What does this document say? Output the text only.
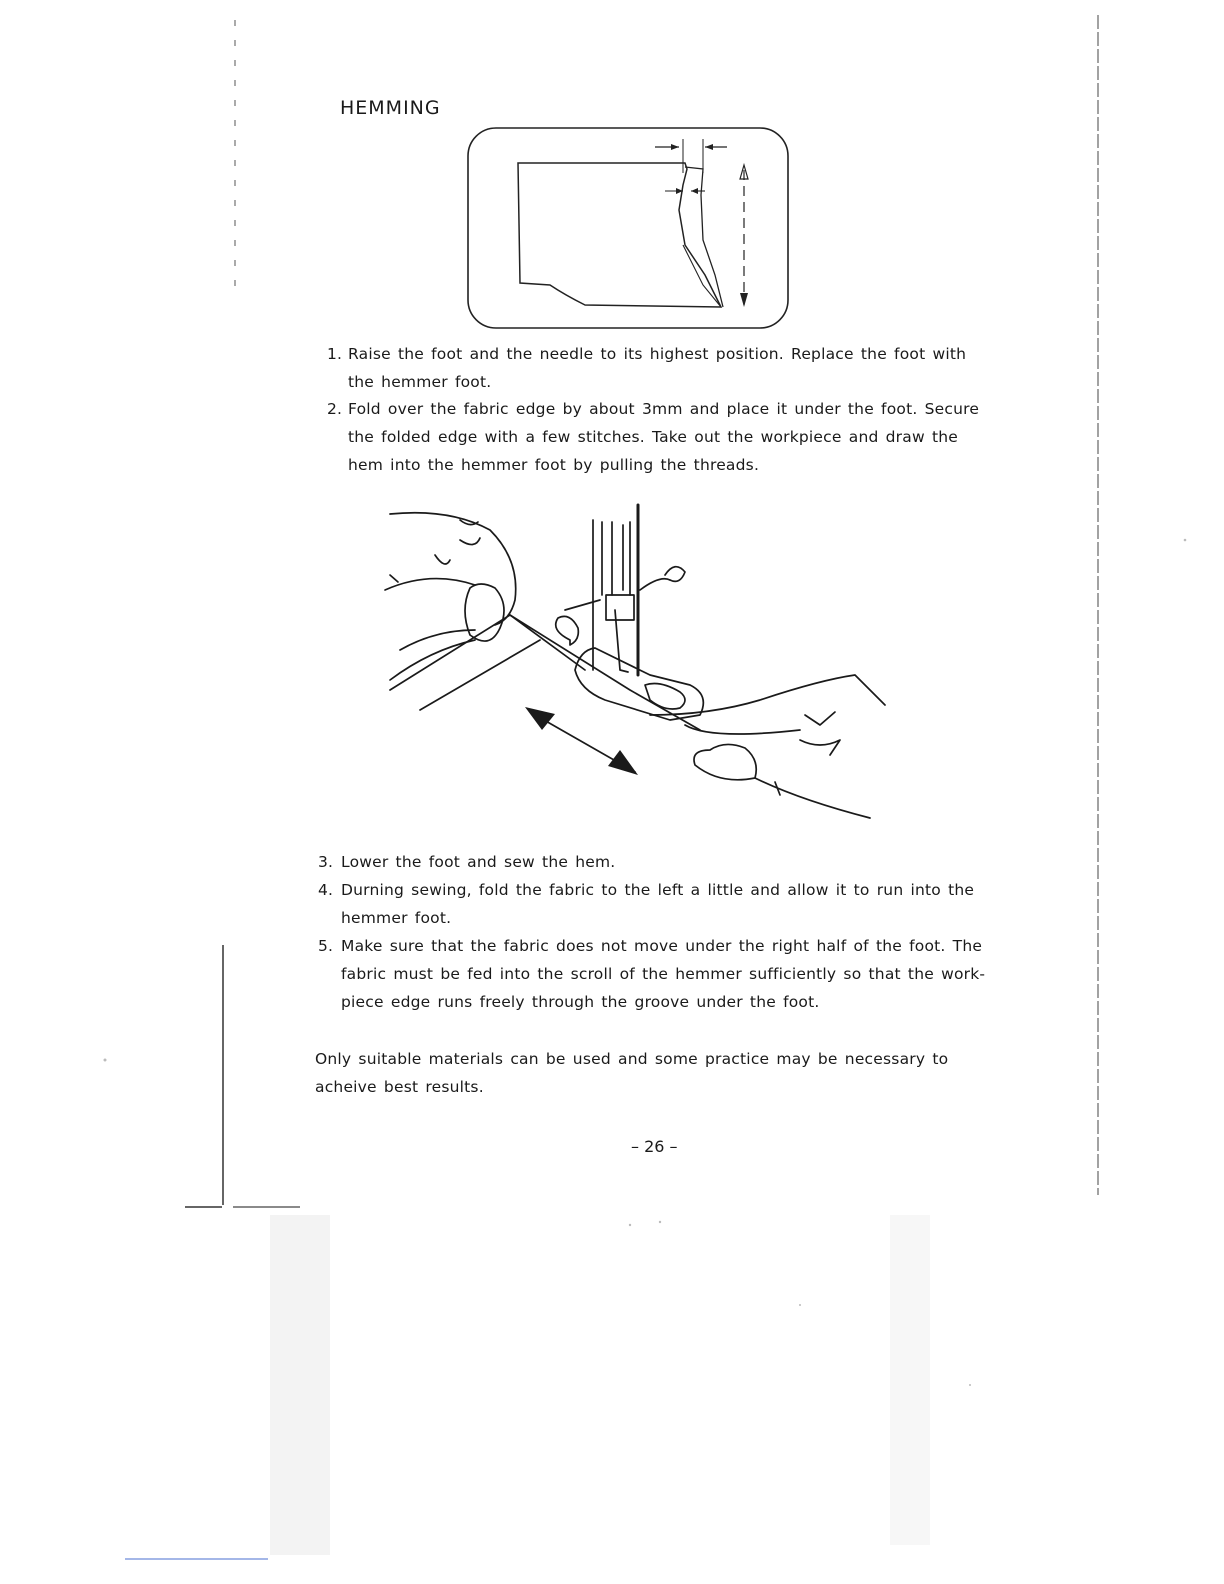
HEMMING
1. Raise the foot and the needle to its highest position. Replace the foot with the hemmer foot.
2. Fold over the fabric edge by about 3mm and place it under the foot. Secure the folded edge with a few stitches. Take out the workpiece and draw the hem into the hemmer foot by pulling the threads.
3. Lower the foot and sew the hem.
4. Durning sewing, fold the fabric to the left a little and allow it to run into the hemmer foot.
5. Make sure that the fabric does not move under the right half of the foot. The fabric must be fed into the scroll of the hemmer sufficiently so that the work-piece edge runs freely through the groove under the foot.

Only suitable materials can be used and some practice may be necessary to acheive best results.

– 26 –
